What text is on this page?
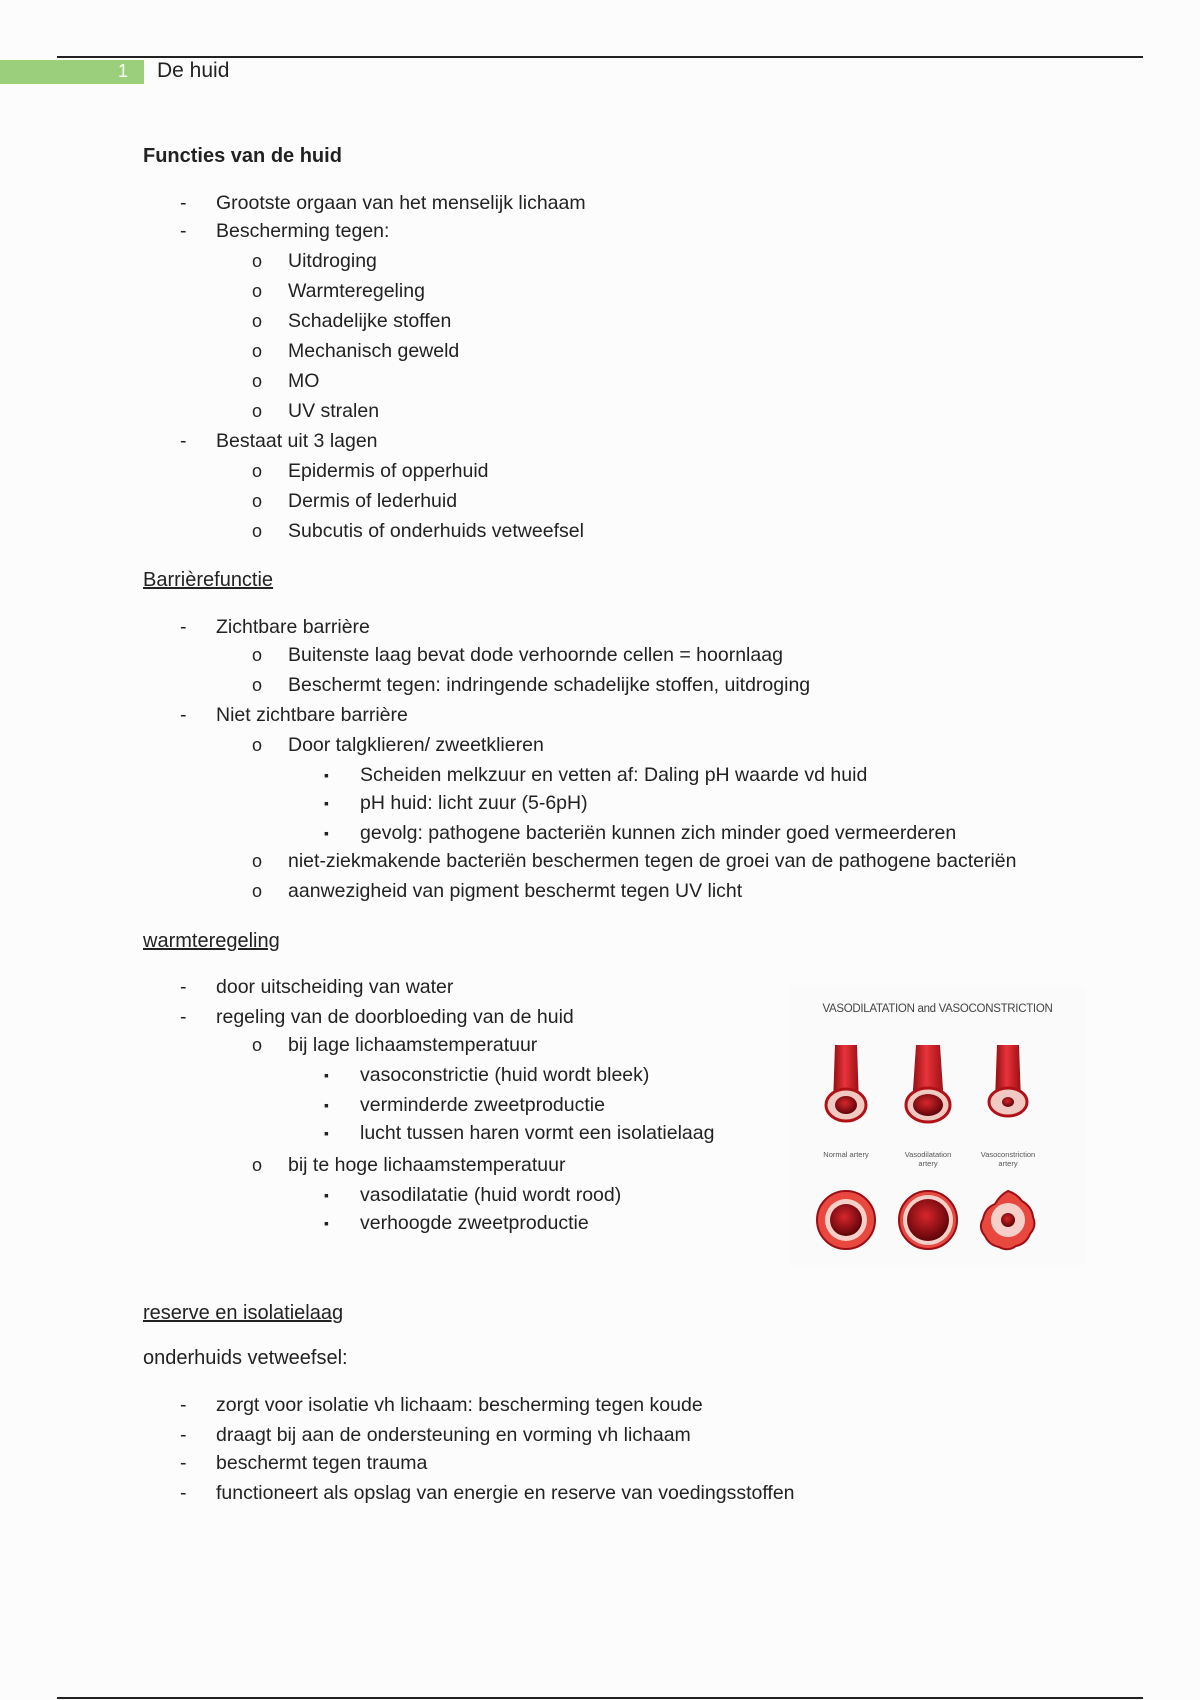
1 De huid
Functies van de huid
- Grootste orgaan van het menselijk lichaam
- Bescherming tegen:
o Uitdroging
o Warmteregeling
o Schadelijke stoffen
o Mechanisch geweld
o MO
o UV stralen
- Bestaat uit 3 lagen
o Epidermis of opperhuid
o Dermis of lederhuid
o Subcutis of onderhuids vetweefsel
Barrièrefunctie
- Zichtbare barrière
o Buitenste laag bevat dode verhoornde cellen = hoornlaag
o Beschermt tegen: indringende schadelijke stoffen, uitdroging
- Niet zichtbare barrière
o Door talgklieren/ zweetklieren
▪ Scheiden melkzuur en vetten af: Daling pH waarde vd huid
▪ pH huid: licht zuur (5-6pH)
▪ gevolg: pathogene bacteriën kunnen zich minder goed vermeerderen
o niet-ziekmakende bacteriën beschermen tegen de groei van de pathogene bacteriën
o aanwezigheid van pigment beschermt tegen UV licht
warmteregeling
- door uitscheiding van water
- regeling van de doorbloeding van de huid
o bij lage lichaamstemperatuur
▪ vasoconstrictie (huid wordt bleek)
▪ verminderde zweetproductie
▪ lucht tussen haren vormt een isolatielaag
o bij te hoge lichaamstemperatuur
▪ vasodilatatie (huid wordt rood)
▪ verhoogde zweetproductie
VASODILATATION and VASOCONSTRICTION
Normal artery	Vasodilatation artery
Vasoconstriction artery
reserve en isolatielaag
onderhuids vetweefsel:
- zorgt voor isolatie vh lichaam: bescherming tegen koude
- draagt bij aan de ondersteuning en vorming vh lichaam
- beschermt tegen trauma
- functioneert als opslag van energie en reserve van voedingsstoffen
